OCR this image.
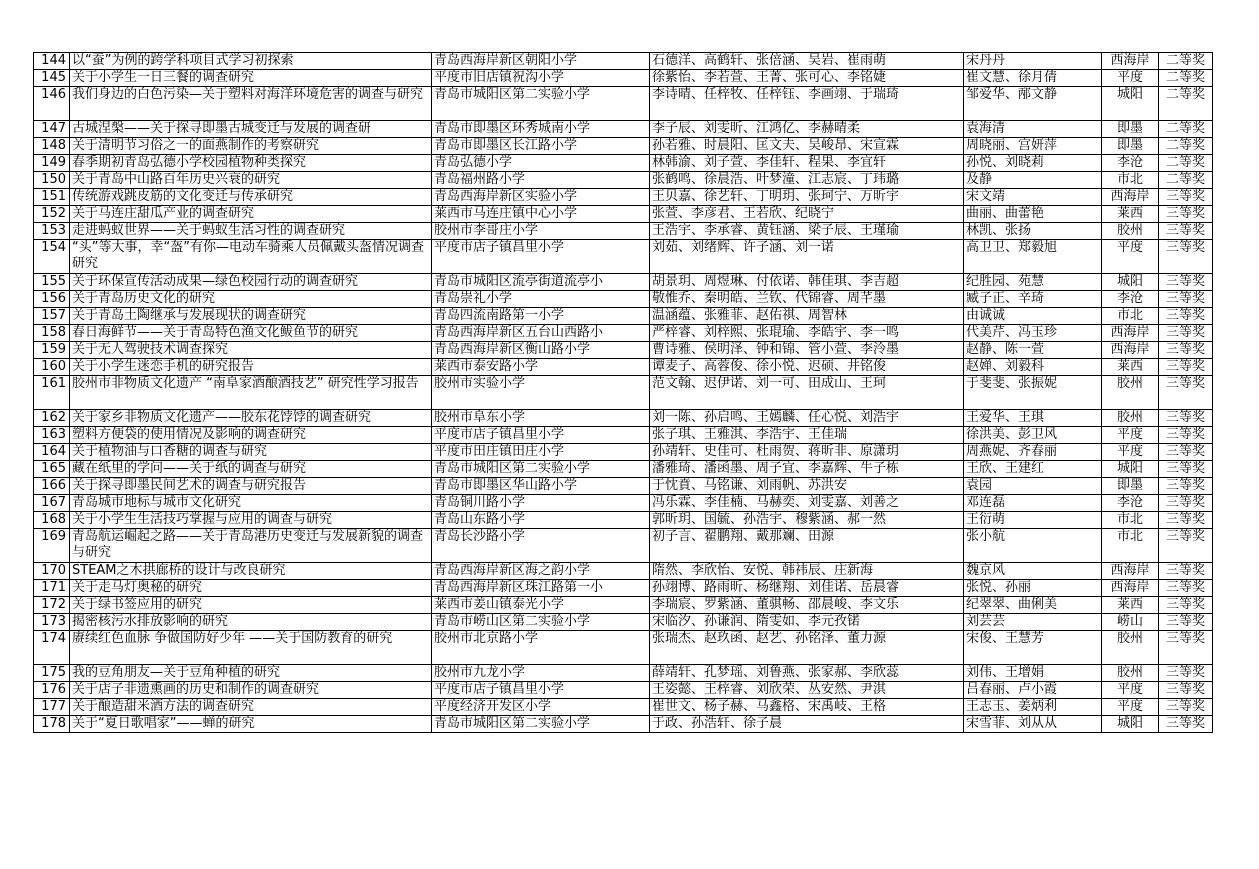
144	以“蚕”为例的跨学科项目式学习初探索	青岛西海岸新区朝阳小学	石德洋、高鹤轩、张倍涵、吴岩、崔雨萌	宋丹丹	西海岸	二等奖
145	关于小学生一日三餐的调查研究	平度市旧店镇祝沟小学	徐紫怡、李若萱、王菁、张可心、李铭婕	崔文慧、徐月倩	平度	二等奖
146	我们身边的白色污染—关于塑料对海洋环境危害的调查与研究	青岛市城阳区第二实验小学	李诗晴、任梓牧、任梓钰、李画翊、于瑞琦	邹爱华、邴文静	城阳	二等奖
147	古城涅槃——关于探寻即墨古城变迁与发展的调查研	青岛市即墨区环秀城南小学	李子辰、刘雯昕、江鸿亿、李赫晴柔	袁海清	即墨	二等奖
148	关于清明节习俗之一的面燕制作的考察研究	青岛市即墨区长江路小学	孙若雅、时晨阳、匡文夫、吴峻昂、宋宣霖	周晓丽、宫妍萍	即墨	二等奖
149	春季期初青岛弘德小学校园植物种类探究	青岛弘德小学	林韩渝、刘子萱、李佳轩、程果、李宜轩	孙悦、刘晓莉	李沧	二等奖
150	关于青岛中山路百年历史兴衰的研究	青岛福州路小学	张鹤鸣、徐晨浩、叶梦潼、江志宸、丁玮璐	及静	市北	二等奖
151	传统游戏跳皮筋的文化变迁与传承研究	青岛西海岸新区实验小学	王贝嘉、徐艺轩、丁明玥、张珂宁、万昕宇	宋文靖	西海岸	三等奖
152	关于马连庄甜瓜产业的调查研究	莱西市马连庄镇中心小学	张萱、李彦君、王若欣、纪晓宁	曲丽、曲蕾艳	莱西	三等奖
153	走进蚂蚁世界——关于蚂蚁生活习性的调查研究	胶州市李哥庄小学	王浩宇、李承睿、黄钰涵、梁子辰、王瑾瑜	林凯、张扬	胶州	三等奖
154	“头”等大事，幸“盔”有你—电动车骑乘人员佩戴头盔情况调查研究	平度市店子镇昌里小学	刘茹、刘绪辉、许子涵、刘一诺	高卫卫、郑毅旭	平度	三等奖
155	关于环保宣传活动成果—绿色校园行动的调查研究	青岛市城阳区流亭街道流亭小	胡景玥、周煜琳、付依诺、韩佳琪、李吉超	纪胜园、苑慧	城阳	三等奖
156	关于青岛历史文化的研究	青岛崇礼小学	敬惟乔、秦明皓、兰钦、代锦睿、周芊墨	臧子正、辛琦	李沧	三等奖
157	关于青岛土陶继承与发展现状的调查研究	青岛四流南路第一小学	温涵蕴、张雅菲、赵佑祺、周智林	由诚诚	市北	三等奖
158	春日海鲜节——关于青岛特色渔文化鲅鱼节的研究	青岛西海岸新区五台山西路小	严梓睿、刘梓熙、张琨瑜、李皓宇、李一鸣	代美芹、冯玉珍	西海岸	三等奖
159	关于无人驾驶技术调查探究	青岛西海岸新区衡山路小学	曹诗雅、侯明泽、钟和锦、管小萱、李泠墨	赵静、陈一萱	西海岸	三等奖
160	关于小学生迷恋手机的研究报告	莱西市泰安路小学	谭麦子、高蓉俊、徐小悦、迟硕、井铭俊	赵婵、刘毅科	莱西	三等奖
161	胶州市非物质文化遗产 “南阜家酒酿酒技艺” 研究性学习报告	胶州市实验小学	范文翰、迟伊诺、刘一可、田成山、王珂	于斐斐、张振妮	胶州	三等奖
162	关于家乡非物质文化遗产——胶东花饽饽的调查研究	胶州市阜东小学	刘一陈、孙启鸣、王嫣麟、任心悦、刘浩宇	王爱华、王琪	胶州	三等奖
163	塑料方便袋的使用情况及影响的调查研究	平度市店子镇昌里小学	张子琪、王雅淇、李浩宇、王佳瑞	徐洪美、彭卫风	平度	三等奖
164	关于植物油与口香糖的调查与研究	平度市田庄镇田庄小学	孙靖轩、史佳可、杜雨贺、蒋昕非、原潇玥	周燕妮、齐春丽	平度	三等奖
165	藏在纸里的学问——关于纸的调查与研究	青岛市城阳区第二实验小学	潘雅琦、潘函墨、周子宜、李嘉辉、牛子栋	王欣、王建红	城阳	三等奖
166	关于探寻即墨民间艺术的调查与研究报告	青岛市即墨区华山路小学	于忱賁、马铭谦、刘雨帆、苏洪安	袁园	即墨	三等奖
167	青岛城市地标与城市文化研究	青岛铜川路小学	冯乐霖、李佳楠、马赫奕、刘雯嘉、刘善之	邓连磊	李沧	三等奖
168	关于小学生生活技巧掌握与应用的调查与研究	青岛山东路小学	郭昕玥、国毓、孙浩宇、穆紫涵、郝一然	王衍萌	市北	三等奖
169	青岛航运崛起之路——关于青岛港历史变迁与发展新貌的调查与研究	青岛长沙路小学	初子言、翟鹏翔、戴那斓、田源	张小航	市北	三等奖
170	STEAM之木拱廊桥的设计与改良研究	青岛西海岸新区海之韵小学	隋然、李欣怡、安悦、韩祎辰、庄新海	魏京风	西海岸	三等奖
171	关于走马灯奥秘的研究	青岛西海岸新区珠江路第一小	孙翊博、路雨昕、杨继翔、刘佳诺、岳晨睿	张悦、孙丽	西海岸	三等奖
172	关于绿书签应用的研究	莱西市姜山镇泰光小学	李瑞宸、罗紫涵、董骐畅、邵晨峻、李文乐	纪翠翠、曲俐美	莱西	三等奖
173	揭密核污水排放影响的研究	青岛市崂山区第二实验小学	宋临汐、孙谦润、隋雯如、李元孜锘	刘芸芸	崂山	三等奖
174	赓续红色血脉 争做国防好少年 ——关于国防教育的研究	胶州市北京路小学	张瑞杰、赵玖函、赵艺、孙铭泽、董力源	宋俊、王慧芳	胶州	三等奖
175	我的豆角朋友—关于豆角种植的研究	胶州市九龙小学	薛靖轩、孔梦瑶、刘鲁燕、张家郝、李欣蕊	刘伟、王增娟	胶州	三等奖
176	关于店子非遗熏画的历史和制作的调查研究	平度市店子镇昌里小学	王姿懿、王梓睿、刘欣荣、丛安然、尹淇	吕春丽、卢小霞	平度	三等奖
177	关于酿造甜米酒方法的调查研究	平度经济开发区小学	崔世文、杨子赫、马鑫格、宋禹岐、王格	王志玉、姜炳利	平度	三等奖
178	关于“夏日歌唱家”——蝉的研究	青岛市城阳区第二实验小学	于政、孙浩轩、徐子晨	宋雪菲、刘从从	城阳	三等奖
